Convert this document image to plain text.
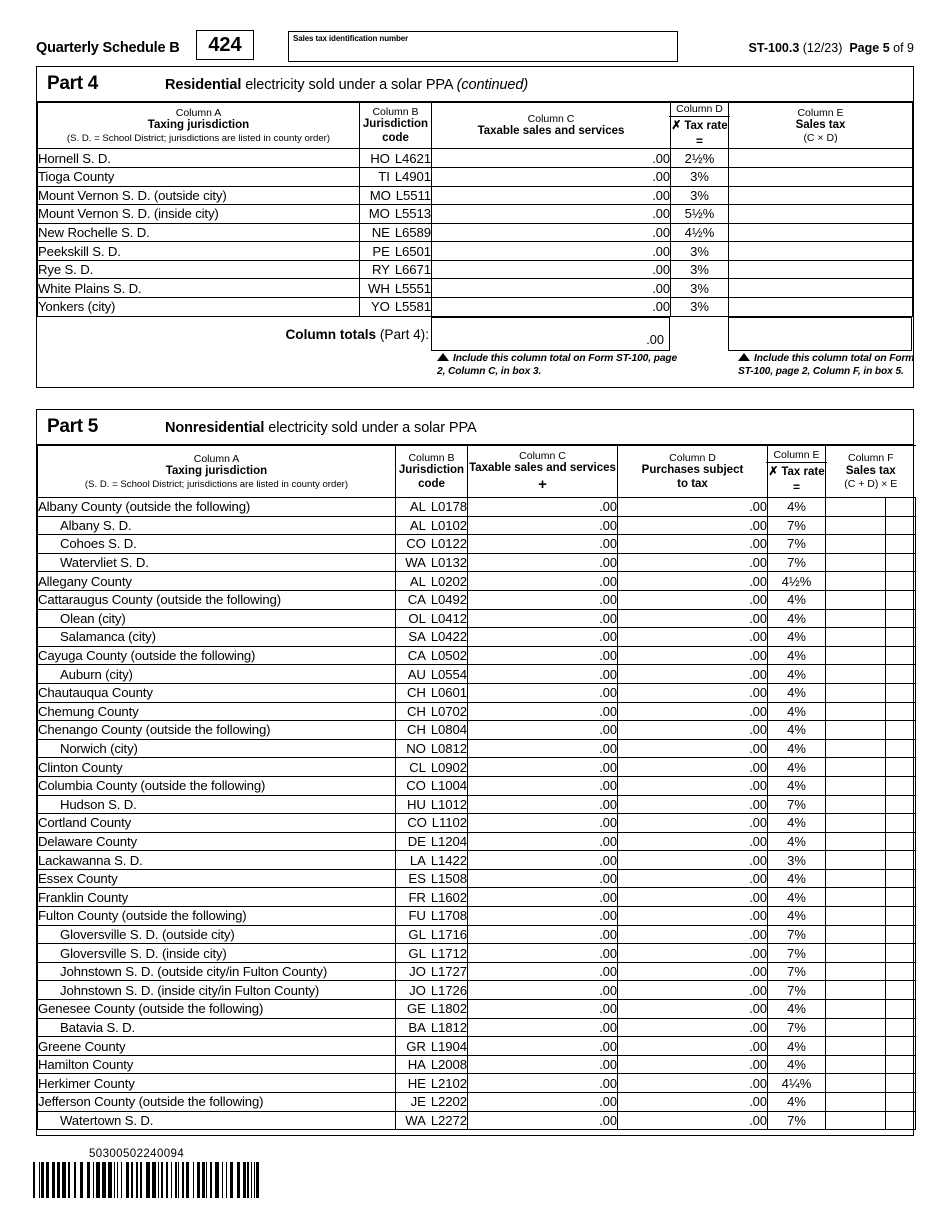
Quarterly Schedule B	424	Sales tax identification number
ST-100.3 (12/23) Page 5 of 9
Part 4	Residential electricity sold under a solar PPA (continued)
Column A
Taxing jurisdiction
(S. D. = School District; jurisdictions are listed in county order)

Column B
Jurisdiction
code

Column C
Taxable sales and services

Column D
✗ Tax rate =

Column E
Sales tax
(C × D)

Hornell S. D.	HO L4621	.00	2½%	
Tioga County	TI L4901	.00	3%	
Mount Vernon S. D. (outside city)	MO L5511	.00	3%	
Mount Vernon S. D. (inside city)	MO L5513	.00	5½%	
New Rochelle S. D.	NE L6589	.00	4½%	
Peekskill S. D.	PE L6501	.00	3%	
Rye S. D.	RY L6671	.00	3%	
White Plains S. D.	WH L5551	.00	3%	
Yonkers (city)	YO L5581	.00	3%	
Column totals (Part 4):	.00
Include this column total on Form ST-100, page 2, Column C, in box 3.
Include this column total on Form ST-100, page 2, Column F, in box 5.
Part 5	Nonresidential electricity sold under a solar PPA
Column A
Taxing jurisdiction
(S. D. = School District; jurisdictions are listed in county order)

Column B
Jurisdiction
code

Column C
Taxable sales and services +

Column D
Purchases subject
to tax

Column E
✗ Tax rate =

Column F
Sales tax
(C + D) × E

Albany County (outside the following)	AL L0178	.00	.00	4%		
Albany S. D.	AL L0102	.00	.00	7%		
Cohoes S. D.	CO L0122	.00	.00	7%		
Watervliet S. D.	WA L0132	.00	.00	7%		
Allegany County	AL L0202	.00	.00	4½%		
Cattaraugus County (outside the following)	CA L0492	.00	.00	4%		
Olean (city)	OL L0412	.00	.00	4%		
Salamanca (city)	SA L0422	.00	.00	4%		
Cayuga County (outside the following)	CA L0502	.00	.00	4%		
Auburn (city)	AU L0554	.00	.00	4%		
Chautauqua County	CH L0601	.00	.00	4%		
Chemung County	CH L0702	.00	.00	4%		
Chenango County (outside the following)	CH L0804	.00	.00	4%		
Norwich (city)	NO L0812	.00	.00	4%		
Clinton County	CL L0902	.00	.00	4%		
Columbia County (outside the following)	CO L1004	.00	.00	4%		
Hudson S. D.	HU L1012	.00	.00	7%		
Cortland County	CO L1102	.00	.00	4%		
Delaware County	DE L1204	.00	.00	4%		
Lackawanna S. D.	LA L1422	.00	.00	3%		
Essex County	ES L1508	.00	.00	4%		
Franklin County	FR L1602	.00	.00	4%		
Fulton County (outside the following)	FU L1708	.00	.00	4%		
Gloversville S. D. (outside city)	GL L1716	.00	.00	7%		
Gloversville S. D. (inside city)	GL L1712	.00	.00	7%		
Johnstown S. D. (outside city/in Fulton County)	JO L1727	.00	.00	7%		
Johnstown S. D. (inside city/in Fulton County)	JO L1726	.00	.00	7%		
Genesee County (outside the following)	GE L1802	.00	.00	4%		
Batavia S. D.	BA L1812	.00	.00	7%		
Greene County	GR L1904	.00	.00	4%		
Hamilton County	HA L2008	.00	.00	4%		
Herkimer County	HE L2102	.00	.00	4¼%		
Jefferson County (outside the following)	JE L2202	.00	.00	4%		
Watertown S. D.	WA L2272	.00	.00	7%		
50300502240094
